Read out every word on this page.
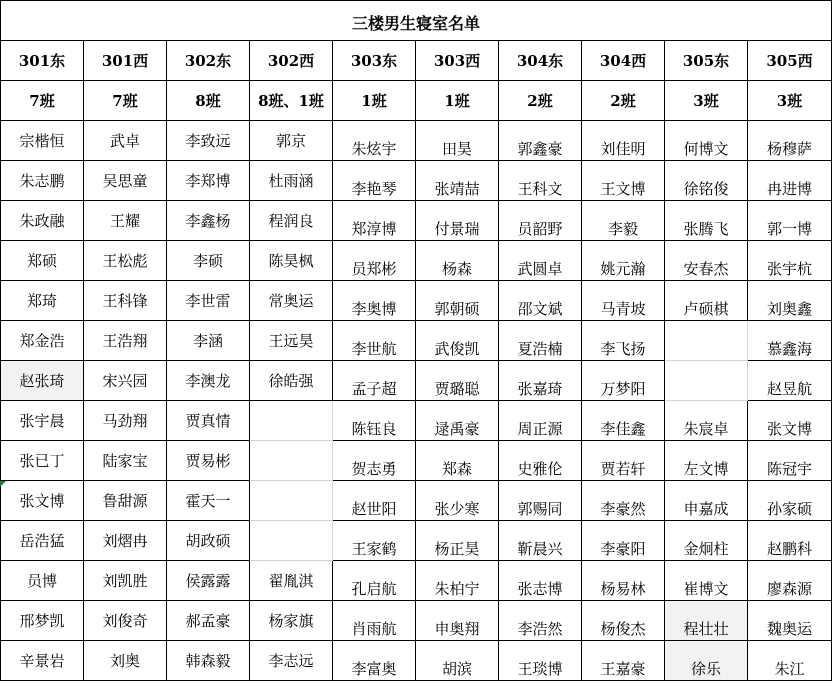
三楼男生寝室名单									
301东	301西	302东	302西	303东	303西	304东	304西	305东	305西
7班	7班	8班	8班、1班	1班	1班	2班	2班	3班	3班
宗楷恒	武卓	李致远	郭京	朱炫宇	田昊	郭鑫豪	刘佳明	何博文	杨穆萨
朱志鹏	吴思童	李郑博	杜雨涵	李艳琴	张靖喆	王科文	王文博	徐铭俊	冉进博
朱政融	王耀	李鑫杨	程润良	郑淳博	付景瑞	员韶野	李毅	张腾飞	郭一博
郑硕	王松彪	李硕	陈昊枫	员郑彬	杨森	武圆卓	姚元瀚	安春杰	张宇杭
郑琦	王科锋	李世雷	常奥运	李奥博	郭朝硕	邵文斌	马青坡	卢硕棋	刘奥鑫
郑金浩	王浩翔	李涵	王远昊	李世航	武俊凯	夏浩楠	李飞扬		慕鑫海
赵张琦	宋兴园	李澳龙	徐皓强	孟子超	贾璐聪	张嘉琦	万梦阳		赵昱航
张宇晨	马劲翔	贾真情		陈钰良	逯禹豪	周正源	李佳鑫	朱宸卓	张文博
张已丁	陆家宝	贾易彬		贺志勇	郑森	史雅伦	贾若轩	左文博	陈冠宇
张文博	鲁甜源	霍天一		赵世阳	张少寒	郭赐同	李豪然	申嘉成	孙家硕
岳浩猛	刘熠冉	胡政硕		王家鹤	杨正昊	靳晨兴	李豪阳	金炯柱	赵鹏科
员博	刘凯胜	侯露露	翟胤淇	孔启航	朱柏宁	张志博	杨易林	崔博文	廖森源
邢梦凯	刘俊奇	郝孟豪	杨家旗	肖雨航	申奥翔	李浩然	杨俊杰	程壮壮	魏奥运
辛景岩	刘奥	韩森毅	李志远	李富奥	胡滨	王琰博	王嘉豪	徐乐	朱江
